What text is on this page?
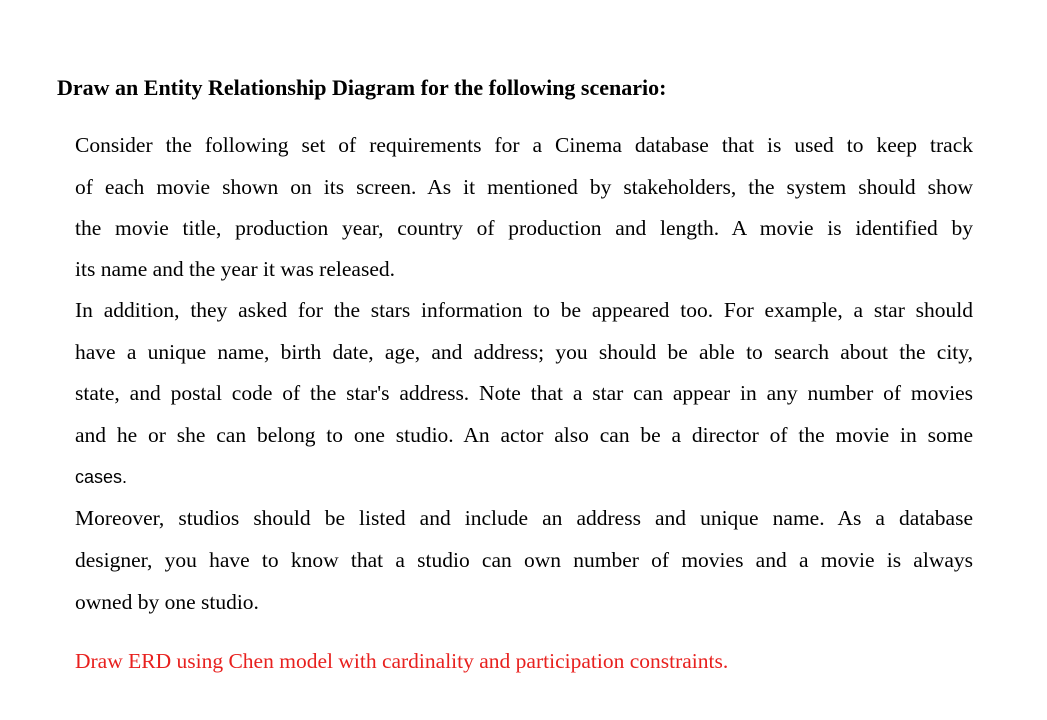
Draw an Entity Relationship Diagram for the following scenario:

Consider the following set of requirements for a Cinema database that is used to keep track

of each movie shown on its screen. As it mentioned by stakeholders, the system should show

the movie title, production year, country of production and length. A movie is identified by

its name and the year it was released.

In addition, they asked for the stars information to be appeared too. For example, a star should

have a unique name, birth date, age, and address; you should be able to search about the city,

state, and postal code of the star's address. Note that a star can appear in any number of movies

and he or she can belong to one studio. An actor also can be a director of the movie in some

cases.

Moreover, studios should be listed and include an address and unique name. As a database

designer, you have to know that a studio can own number of movies and a movie is always

owned by one studio.

Draw ERD using Chen model with cardinality and participation constraints.
